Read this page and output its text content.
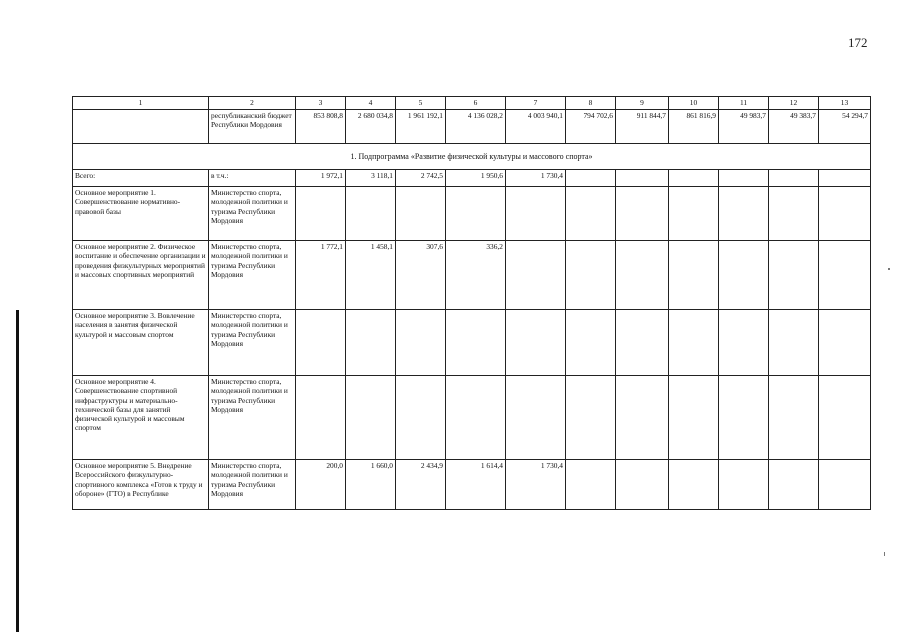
172
1	2	3	4	5	6	7	8	9	10	11	12	13
	республиканский бюджет Республики Мордовия	853 808,8	2 680 034,8	1 961 192,1	4 136 028,2	4 003 940,1	794 702,6	911 844,7	861 816,9	49 983,7	49 383,7	54 294,7
1. Подпрограмма «Развитие физической культуры и массового спорта»												
Всего:	в т.ч.:	1 972,1	3 118,1	2 742,5	1 950,6	1 730,4						
Основное мероприятие 1. Совершенствование нормативно-правовой базы	Министерство спорта, молодежной политики и туризма Республики Мордовия											
Основное мероприятие 2. Физическое воспитание и обеспечение организации и проведения физкультурных мероприятий и массовых спортивных мероприятий	Министерство спорта, молодежной политики и туризма Республики Мордовия	1 772,1	1 458,1	307,6	336,2							
Основное мероприятие 3. Вовлечение населения в занятия физической культурой и массовым спортом	Министерство спорта, молодежной политики и туризма Республики Мордовия											
Основное мероприятие 4. Совершенствование спортивной инфраструктуры и материально-технической базы для занятий физической культурой и массовым спортом	Министерство спорта, молодежной политики и туризма Республики Мордовия											
Основное мероприятие 5. Внедрение Всероссийского физкультурно-спортивного комплекса «Готов к труду и обороне» (ГТО) в Республике	Министерство спорта, молодежной политики и туризма Республики Мордовия	200,0	1 660,0	2 434,9	1 614,4	1 730,4						
